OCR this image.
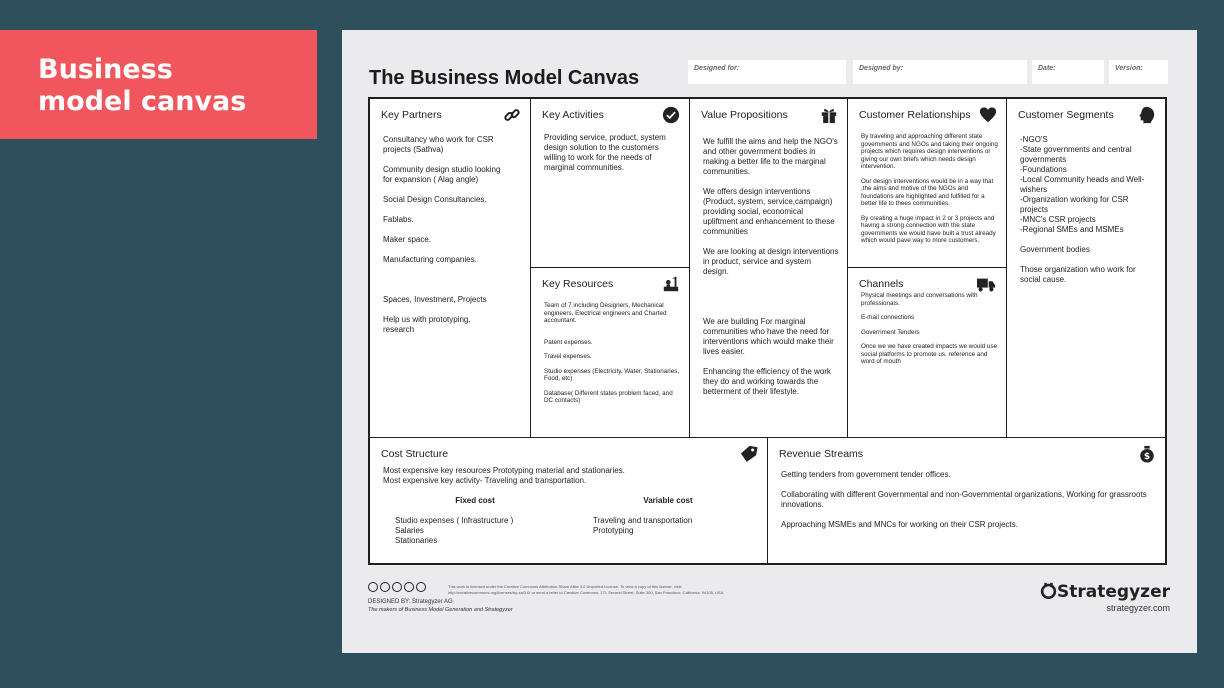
Business
model canvas
The Business Model Canvas	Designed for:	Designed by:	Date:	Version:
Key Partners

Consultancy who work for CSR projects (Sathva)

Community design studio looking for expansion ( Alag angle)

Social Design Consultancies.

Fablabs.

Maker space.

Manufacturing companies.

Spaces, Investment, Projects

Help us with prototyping, research

Key Activities

Providing service, product, system design solution to the customers willing to work for the needs of marginal communities.

Key Resources

Team of 7 including Designers, Mechanical engineers, Electrical engineers and Charted accountant.

Patent expenses.

Travel expenses.

Studio expenses (Electricity, Water, Stationaries, Food, etc)

Database( Different states problem faced, and DC contacts)

Value Propositions

We fulfill the aims and help the NGO's and other government bodies in making a better life to the marginal communities.

We offers design interventions (Product, system, service,campaign) providing social, economical upliftment and enhancement to these communities

We are looking at design interventions in product, service and system design.

We are building For marginal communities who have the need for interventions which would make their lives easier.

Enhancing the efficiency of the work they do and working towards the betterment of their lifestyle.

Customer Relationships

By traveling and approaching different state governments and NGOs and taking their ongoing projects which requires design interventions or giving our own briefs which needs design intervention.

Our design interventions would be in a way that ,the aims and motive of the NGOs and foundations are highlighted and fulfilled for a better life to thees communities.

By creating a huge impact in 2 or 3 projects and having a strong connection with the state governments we would have built a trust already which would pave way to more customers.

Channels

Physical meetings and conversations with professionals.

E-mail connections

Government Tenders

Once we we have created impacts we would use social platforms to promote us. reference and word of mouth

Customer Segments
-NGO'S
-State governments and central governments
-Foundations
-Local Community heads and Well-wishers
-Organization working for CSR projects
-MNC's CSR projects
-Regional SMEs and MSMEs

Government bodies

Those organization who work for social cause.

Cost Structure
Most expensive key resources Prototyping material and stationaries.
Most expensive key activity- Traveling and transportation.
Fixed cost
Studio expenses ( Infrastructure )
Salaries
Stationaries
Variable cost
Traveling and transportation
Prototyping
Revenue Streams	$

Getting tenders from government tender offices.

Collaborating with different Governmental and non-Governmental organizations, Working for grassroots innovations.

Approaching MSMEs and MNCs for working on their CSR projects.

This work is licensed under the Creative Commons Attribution-Share Alike 3.0 Unported License. To view a copy of this license, visit: http://creativecommons.org/licenses/by-sa/3.0/ or send a letter to Creative Commons, 171 Second Street, Suite 300, San Francisco, California, 94105, USA.
DESIGNED BY: Strategyzer AG
The makers of Business Model Generation and Strategyzer
Strategyzer
strategyzer.com
